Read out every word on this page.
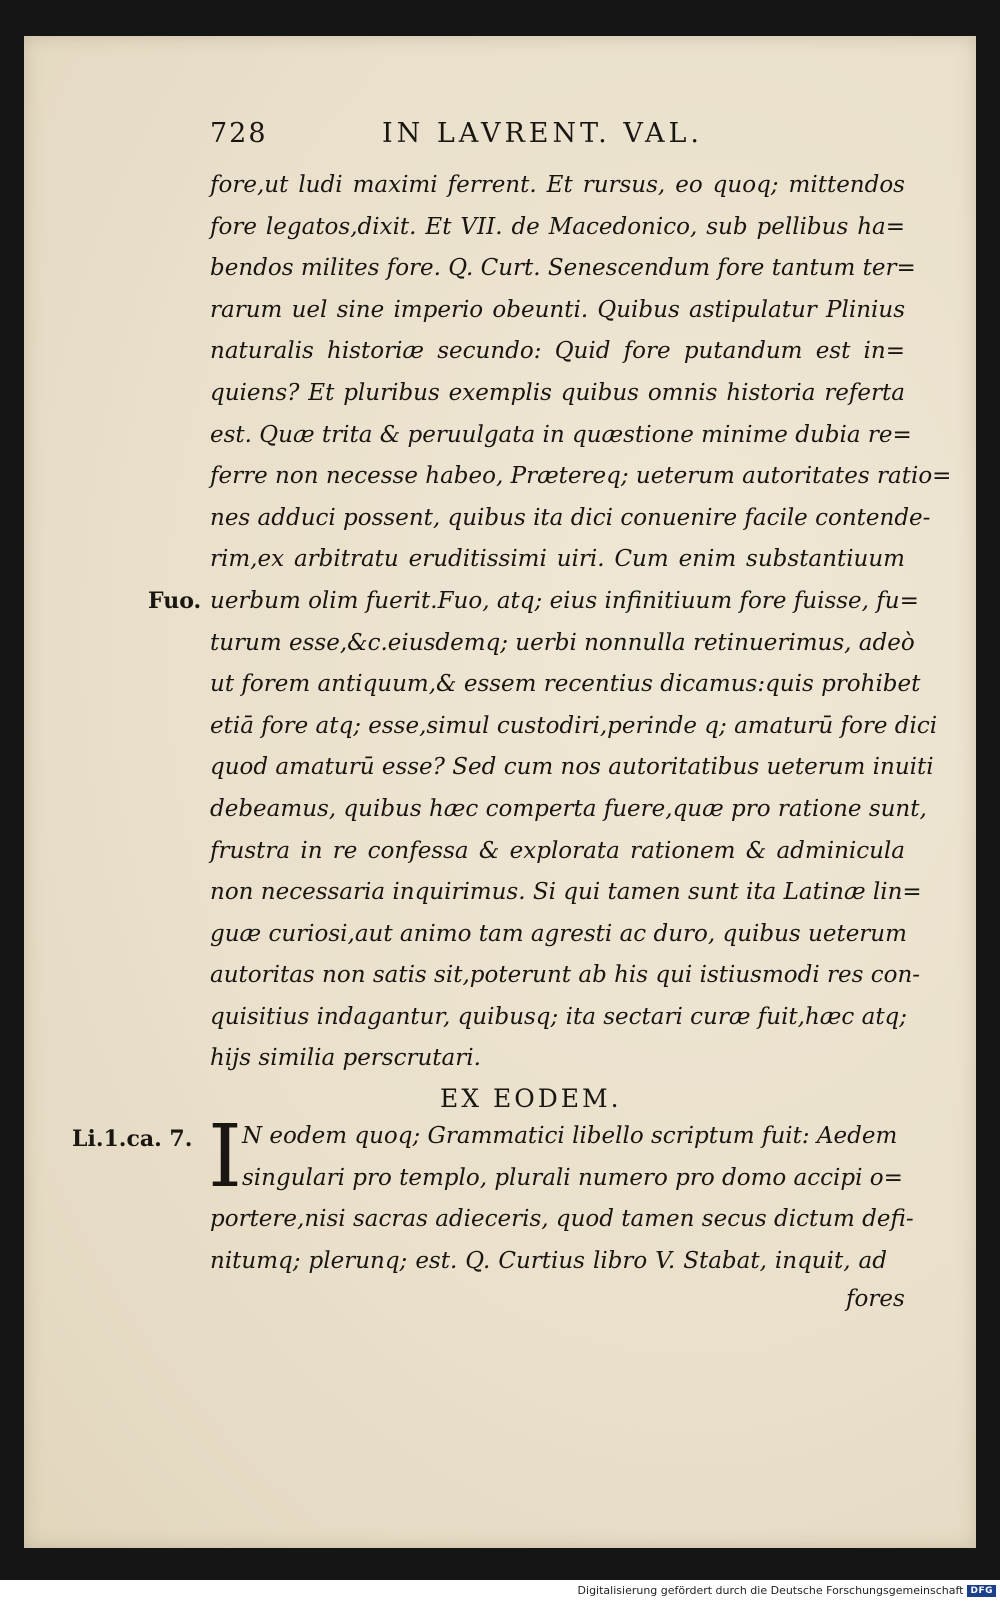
728	IN LAVRENT. VAL.
fore,ut ludi maximi ferrent. Et rursus, eo quoq; mittendos
fore legatos,dixit. Et VII. de Macedonico, sub pellibus ha=
bendos milites fore. Q. Curt. Senescendum fore tantum ter=
rarum uel sine imperio obeunti. Quibus astipulatur Plinius
naturalis historiæ secundo: Quid fore putandum est in=
quiens? Et pluribus exemplis quibus omnis historia referta
est. Quæ trita & peruulgata in quæstione minime dubia re=
ferre non necesse habeo, Prætereq; ueterum autoritates ratio=
nes adduci possent, quibus ita dici conuenire facile contende-
rim,ex arbitratu eruditissimi uiri. Cum enim substantiuum
uerbum olim fuerit.Fuo, atq; eius infinitiuum fore fuisse, fu=
turum esse,&c.eiusdemq; uerbi nonnulla retinuerimus, adeò
ut forem antiquum,& essem recentius dicamus:quis prohibet
etiā fore atq; esse,simul custodiri,perinde q; amaturū fore dici
quod amaturū esse? Sed cum nos autoritatibus ueterum inuiti
debeamus, quibus hæc comperta fuere,quæ pro ratione sunt,
frustra in re confessa & explorata rationem & adminicula
non necessaria inquirimus. Si qui tamen sunt ita Latinæ lin=
guæ curiosi,aut animo tam agresti ac duro, quibus ueterum
autoritas non satis sit,poterunt ab his qui istiusmodi res con-
quisitius indagantur, quibusq; ita sectari curæ fuit,hæc atq;
hijs similia perscrutari.
Fuo.
EX EODEM.
Li.1.ca. 7. I N eodem quoq; Grammatici libello scriptum fuit: Aedem
singulari pro templo, plurali numero pro domo accipi o=
portere,nisi sacras adieceris, quod tamen secus dictum defi-
nitumq; plerunq; est. Q. Curtius libro V. Stabat, inquit, ad
fores
Digitalisierung gefördert durch die Deutsche Forschungsgemeinschaft DFG
